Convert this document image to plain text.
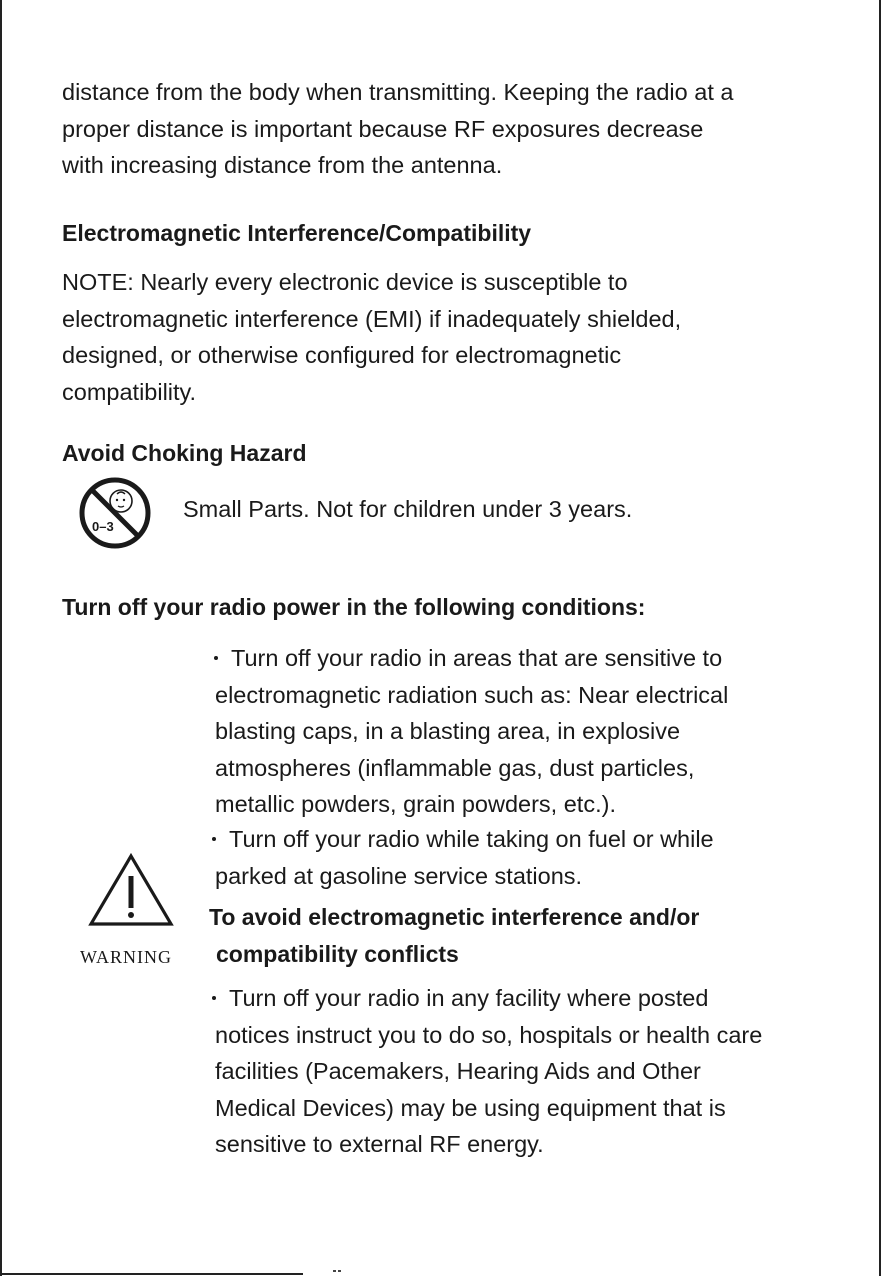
distance from the body when transmitting. Keeping the radio at a
proper distance is important because RF exposures decrease
with increasing distance from the antenna.
Electromagnetic Interference/Compatibility
NOTE: Nearly every electronic device is susceptible to
electromagnetic interference (EMI) if inadequately shielded,
designed, or otherwise configured for electromagnetic
compatibility.
Avoid Choking Hazard
0–3
Small Parts. Not for children under 3 years.
Turn off your radio power in the following conditions:
Turn off your radio in areas that are sensitive to
electromagnetic radiation such as: Near electrical
blasting caps, in a blasting area, in explosive
atmospheres (inflammable gas, dust particles,
metallic powders, grain powders, etc.).
Turn off your radio while taking on fuel or while
parked at gasoline service stations.
WARNING
To avoid electromagnetic interference and/or
compatibility conflicts
Turn off your radio in any facility where posted
notices instruct you to do so, hospitals or health care
facilities (Pacemakers, Hearing Aids and Other
Medical Devices) may be using equipment that is
sensitive to external RF energy.
